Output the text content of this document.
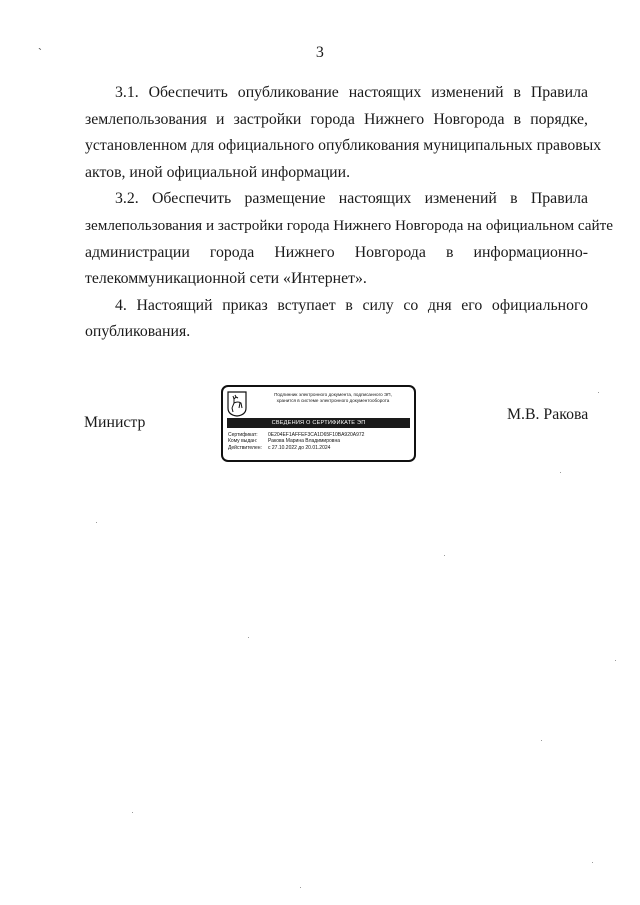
˴	3
3.1. Обеспечить опубликование настоящих изменений в Правила
землепользования и застройки города Нижнего Новгорода в порядке,
установленном для официального опубликования муниципальных правовых
актов, иной официальной информации.
3.2. Обеспечить размещение настоящих изменений в Правила
землепользования и застройки города Нижнего Новгорода на официальном сайте
администрации города Нижнего Новгорода в информационно-
телекоммуникационной сети «Интернет».
4. Настоящий приказ вступает в силу со дня его официального
опубликования.
Министр	М.В. Ракова
Подлинник электронного документа, подписанного ЭП,
хранится в системе электронного документооборота
СВЕДЕНИЯ О СЕРТИФИКАТЕ ЭП
Сертификат: 0E204EF1AFFEF3CA1D65F10BA920A972
Кому выдан: Ракова Марина Владимировна
Действителен: с 27.10.2022 до 20.01.2024
